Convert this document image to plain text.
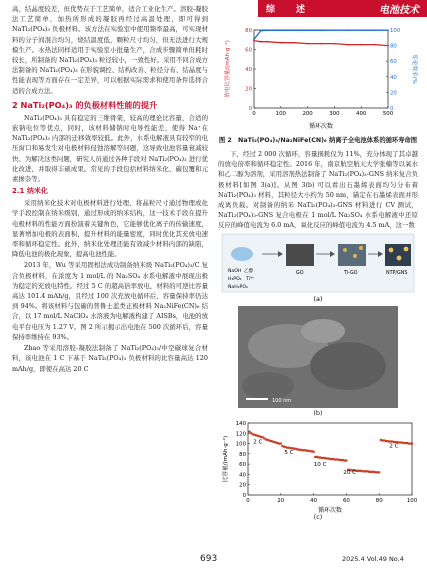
综 述	电池技术

高、结晶度较差，但优势在于工艺简单，适合工业化生产。溶胶-凝胶法工艺简单，加热所形成的凝胶再经过高温处理，即可得到 NaTi₂(PO₄)₃ 负极材料。该方法在实验室中使用频率最高，可实现材料的分子间混合均匀，烧结温度低，颗粒尺寸均匀，但无法进行大规模生产。水热法同样适用于实验室小批量生产，合成步骤简单但耗时较长，所制备的 NaTi₂(PO₄)₃ 粒径较小，一致性好。采用不同合成方法制备的 NaTi₂(PO₄)₃ 在形貌调控、结构改善、粒径分布、结晶度与性能表现等方面存在一定差异，可以根据实际需求和使用条件选择合适的合成方法。

2 NaTi₂(PO₄)₃ 的负极材料性能的提升

NaTi₂(PO₄)₃ 具有稳定的三维骨架，较高的理论比容量，合适的嵌钠电位等优点，同时，该材料储钠时电导性能差，使得 Na⁺在 NaTi₂(PO₄)₃ 内部的迁移效率较低。此外，水系电解液具有较窄的电压窗口和易发生对电极材料侵蚀溶解等问题，这导致电池容量衰减较快。为解决这类问题，研究人员通过各种手段对 NaTi₂(PO₄)₃ 进行优化改进，并取得丰硕成果。常见的手段包括材料纳米化、碳包覆和元素掺杂等。

2.1 纳米化

采用纳米化技术对电极材料进行处理，将晶粒尺寸通过物理或化学手段控制在纳米级别，通过形成的纳米结构，这一技术手段在提升电极材料的性能方面扮演着关键角色，它能够优化离子的传输速度，显著增加电极的表面积，提升材料的能量密度，同时优化其充放电速率和循环稳定性。此外，纳米化处理还能有效减少材料内部的缺陷，降低电池的极化现象，提高电池性能。

2013 年，Wu 等采用固相法成功制备纳米级 NaTi₂(PO₄)₃/C 复合负极材料，在浓度为 1 mol/L 的 Na₂SO₄ 水系电解液中展现出极为稳定的充放电特性。经过 5 C 的超高倍率放电，材料的可逆比容量高达 101.4 mAh/g，且经过 100 次充放电循环后，容量保持率仍达到 94%。将该材料与包碳的普鲁士蓝类正极材料 Na₂NiFe(CN)₆ 结合，以 17 mol/L NaClO₄ 水溶液为电解液构建了 AISBs，电池的放电平台电压为 1.27 V。图 2 所示揭示出电池在 500 次循环后，容量保持率维持在 93%。

Zhao 等采用溶胶-凝胶法制备了 NaTi₂(PO₄)₃/中空碳球复合材料，该电池在 1 C 下基于 NaTi₂(PO₄)₃ 负极材料的比容量高达 120 mAh/g，即使在高达 20 C

0	100	200	300	400	500
0
20
40
60
80
0
20
40
60
80
100
循环次数
放电比容量/(mAh·g⁻¹)	库伦效率/%
图 2　NaTi₂(PO₄)₃/Na₂NiFe(CN)₆ 纳离子全电池体系的循环寿命图

下，经过 2 000 次循环，容量损耗仅为 11%，充分体现了其卓越的放电倍率和循环稳定性。2016 年，南京航空航天大学张楠等以氧水和乙二醇为溶剂，采用溶剂热法制备了 NaTi₂(PO₄)₃-GNS 纳米复合负极材料[如图 3(a)]。从图 3(b) 可以看出石墨烯表面均匀分布着 NaTi₂(PO₄)₃ 材料，其粒径大小约为 50 nm，锚定在石墨烯表面并形成离负载。对制备的纳米 NaTi₂(PO₄)₃-GNS 材料进行 CV 测试，NaTi₂(PO₄)₃-GNS 复合电极在 1 mol/L Na₂SO₄ 水系电解液中还原反应的峰值电流为 6.0 mA，氧化反应的峰值电流为 4.5 mA，这一数

NaOH 乙醇
H₃PO₄ Ti⁴⁺
NaH₂PO₄
GO	Ti-GO	NTP/GNS
(a)
100 nm
(b)
0	20	40	60	80	100
0
20
40
60
80
100
120
140
2 C
5 C
10 C
20 C
2 C
循环次数
比容量/(mAh·g⁻¹)
(c)
693	2025.4 Vol.49 No.4
